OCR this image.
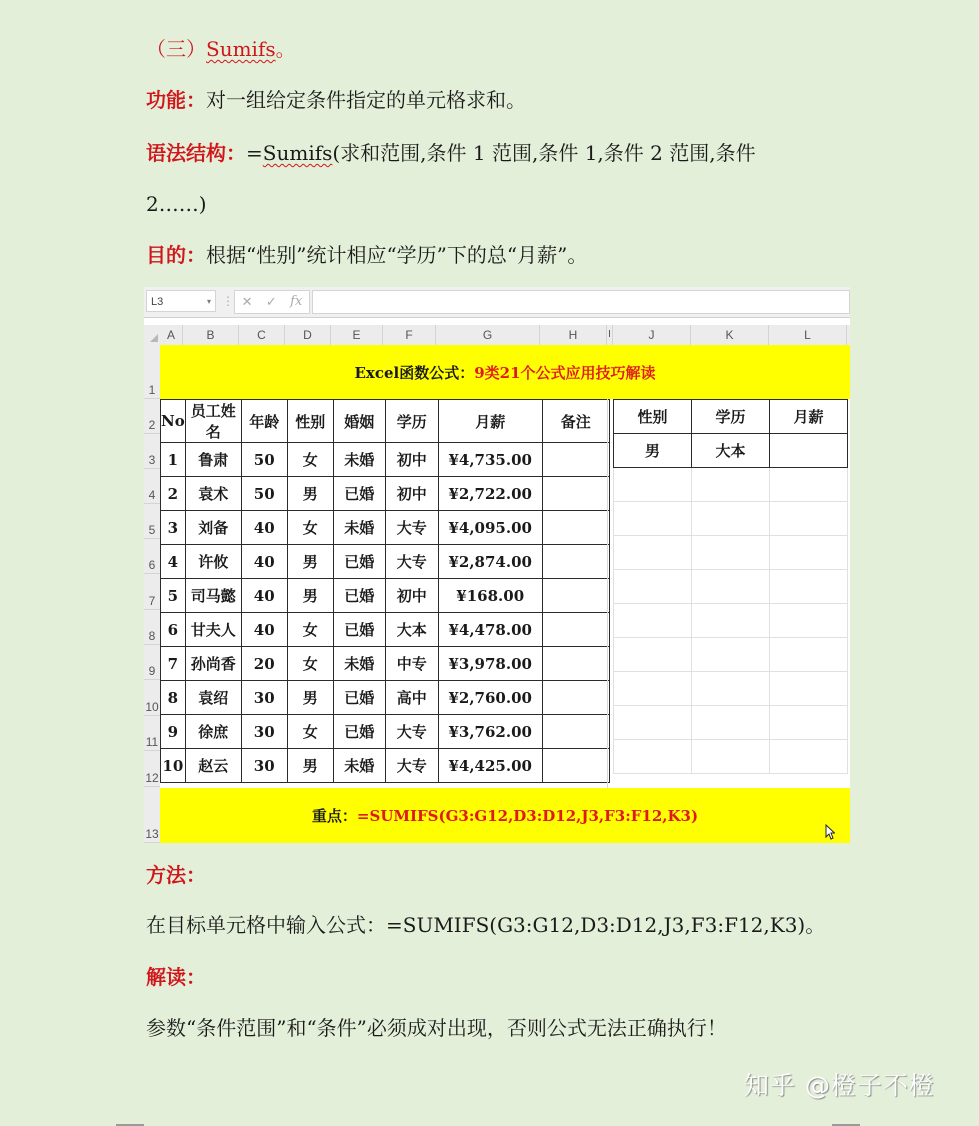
（三）Sumifs。
功能：对一组给定条件指定的单元格求和。
语法结构：=Sumifs(求和范围,条件 1 范围,条件 1,条件 2 范围,条件
2……)
目的：根据“性别”统计相应“学历”下的总“月薪”。
L3	▾ ⋮ ✕ ✓ fx
A	B	C	D	E	F	G	H	I	J	K	L
1
2
3
4
5
6
7
8
9
10
11
12
13
Excel函数公式： 9类21个公式应用技巧解读
No	员工姓名	年龄	性别	婚姻	学历	月薪	备注
1	鲁肃	50	女	未婚	初中	¥4,735.00	
2	袁术	50	男	已婚	初中	¥2,722.00	
3	刘备	40	女	未婚	大专	¥4,095.00	
4	许攸	40	男	已婚	大专	¥2,874.00	
5	司马懿	40	男	已婚	初中	¥168.00	
6	甘夫人	40	女	已婚	大本	¥4,478.00	
7	孙尚香	20	女	未婚	中专	¥3,978.00	
8	袁绍	30	男	已婚	高中	¥2,760.00	
9	徐庶	30	女	已婚	大专	¥3,762.00	
10	赵云	30	男	未婚	大专	¥4,425.00	
性别	学历	月薪
男	大本	

重点： =SUMIFS(G3:G12,D3:D12,J3,F3:F12,K3)
方法：
在目标单元格中输入公式：=SUMIFS(G3:G12,D3:D12,J3,F3:F12,K3)。
解读：
参数“条件范围”和“条件”必须成对出现，否则公式无法正确执行！
知乎 @橙子不橙
